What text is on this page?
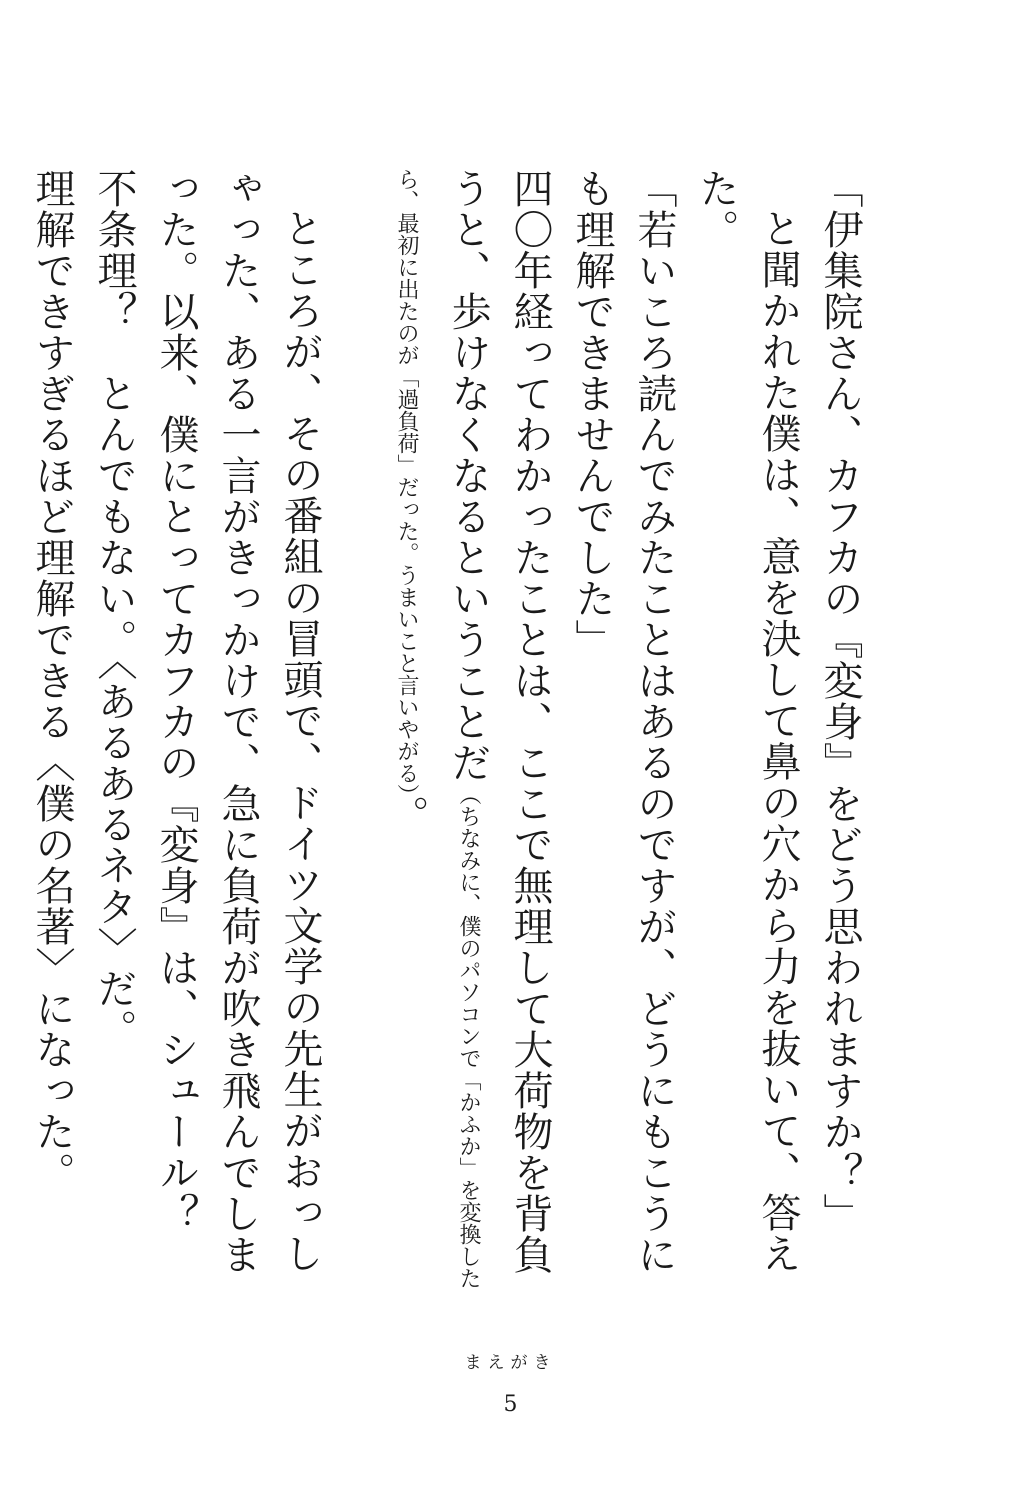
「伊集院さん、カフカの『変身』をどう思われますか？」

と聞かれた僕は、意を決して鼻の穴から力を抜いて、答えた。

「若いころ読んでみたことはあるのですが、どうにもこうにも理解できませんでした」

四〇年経ってわかったことは、ここで無理して大荷物を背負うと、歩けなくなるということだ（ちなみに、僕のパソコンで「かふか」を変換したら、最初に出たのが「過負荷」だった。うまいこと言いやがる）。

ところが、その番組の冒頭で、ドイツ文学の先生がおっしゃった、ある一言がきっかけで、急に負荷が吹き飛んでしまった。以来、僕にとってカフカの『変身』は、シュール？　不条理？　とんでもない。〈あるあるネタ〉だ。

理解できすぎるほど理解できる〈僕の名著〉になった。

まえがき
5
